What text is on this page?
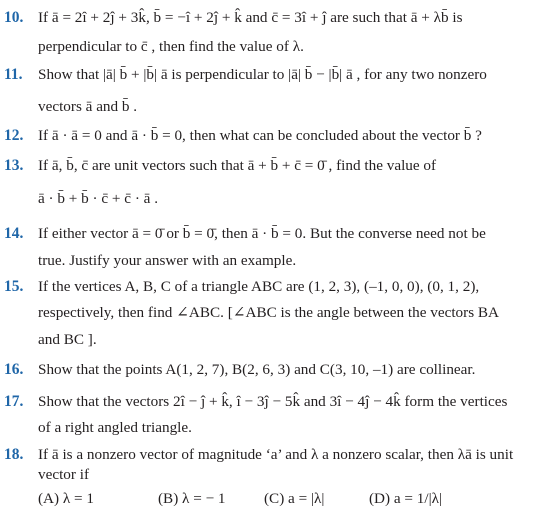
10. If ā = 2î + 2ĵ + 3k̂, b̄ = −î + 2ĵ + k̂ and c̄ = 3î + ĵ are such that ā + λb̄ is
perpendicular to c̄ , then find the value of λ.
11. Show that |ā| b̄ + |b̄| ā is perpendicular to |ā| b̄ − |b̄| ā , for any two nonzero
vectors ā and b̄ .
12. If ā · ā = 0 and ā · b̄ = 0, then what can be concluded about the vector b̄ ?
13. If ā, b̄, c̄ are unit vectors such that ā + b̄ + c̄ = 0̄ , find the value of
ā · b̄ + b̄ · c̄ + c̄ · ā .
14. If either vector ā = 0̄ or b̄ = 0̄, then ā · b̄ = 0. But the converse need not be
true. Justify your answer with an example.
15. If the vertices A, B, C of a triangle ABC are (1, 2, 3), (–1, 0, 0), (0, 1, 2),
respectively, then find ∠ABC. [∠ABC is the angle between the vectors BA
and BC ].
16. Show that the points A(1, 2, 7), B(2, 6, 3) and C(3, 10, –1) are collinear.
17. Show that the vectors 2î − ĵ + k̂, î − 3ĵ − 5k̂ and 3î − 4ĵ − 4k̂ form the vertices
of a right angled triangle.
18. If ā is a nonzero vector of magnitude ‘a’ and λ a nonzero scalar, then λā is unit
vector if
(A) λ = 1	(B) λ = − 1	(C) a = |λ|	(D) a = 1/|λ|
